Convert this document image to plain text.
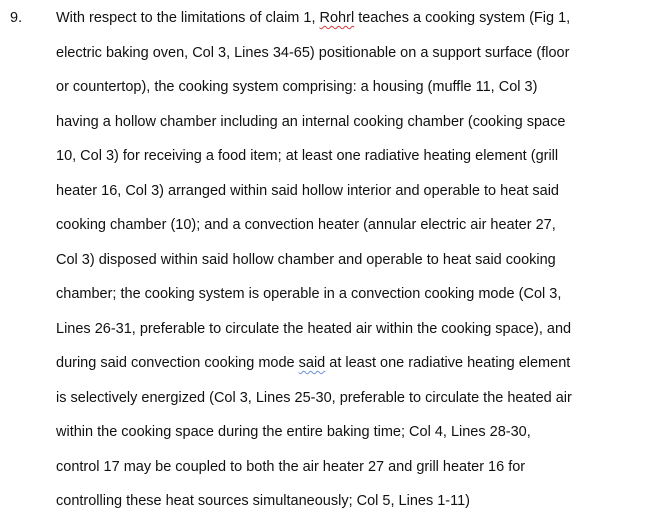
9. With respect to the limitations of claim 1, Rohrl teaches a cooking system (Fig 1,
electric baking oven, Col 3, Lines 34-65) positionable on a support surface (floor
or countertop), the cooking system comprising: a housing (muffle 11, Col 3)
having a hollow chamber including an internal cooking chamber (cooking space
10, Col 3) for receiving a food item; at least one radiative heating element (grill
heater 16, Col 3) arranged within said hollow interior and operable to heat said
cooking chamber (10); and a convection heater (annular electric air heater 27,
Col 3) disposed within said hollow chamber and operable to heat said cooking
chamber; the cooking system is operable in a convection cooking mode (Col 3,
Lines 26-31, preferable to circulate the heated air within the cooking space), and
during said convection cooking mode said at least one radiative heating element
is selectively energized (Col 3, Lines 25-30, preferable to circulate the heated air
within the cooking space during the entire baking time; Col 4, Lines 28-30,
control 17 may be coupled to both the air heater 27 and grill heater 16 for
controlling these heat sources simultaneously; Col 5, Lines 1-11)
